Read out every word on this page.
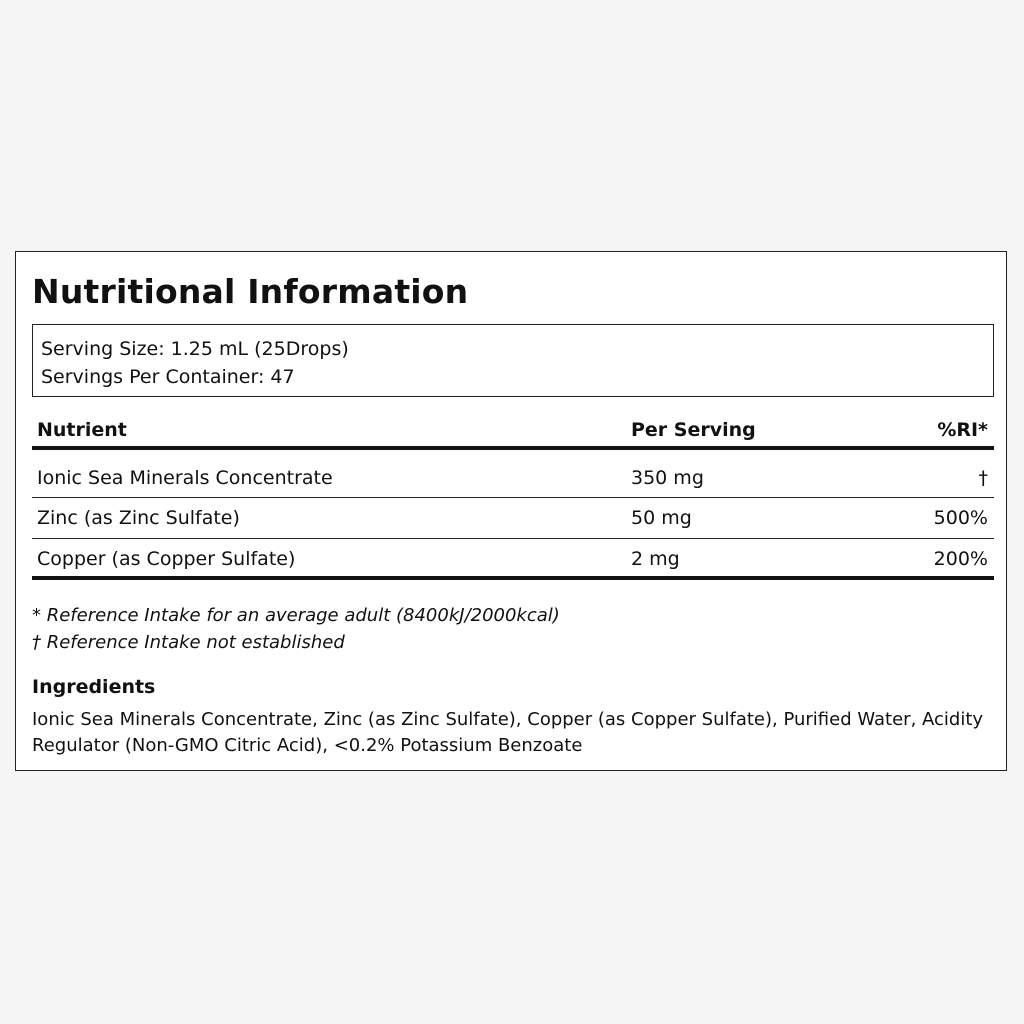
Nutritional Information
Serving Size: 1.25 mL (25Drops)
Servings Per Container: 47
Nutrient	Per Serving	%RI*
Ionic Sea Minerals Concentrate	350 mg	†
Zinc (as Zinc Sulfate)	50 mg	500%
Copper (as Copper Sulfate)	2 mg	200%
* Reference Intake for an average adult (8400kJ/2000kcal)
† Reference Intake not established
Ingredients
Ionic Sea Minerals Concentrate, Zinc (as Zinc Sulfate), Copper (as Copper Sulfate), Purified Water, Acidity Regulator (Non-GMO Citric Acid), <0.2% Potassium Benzoate
